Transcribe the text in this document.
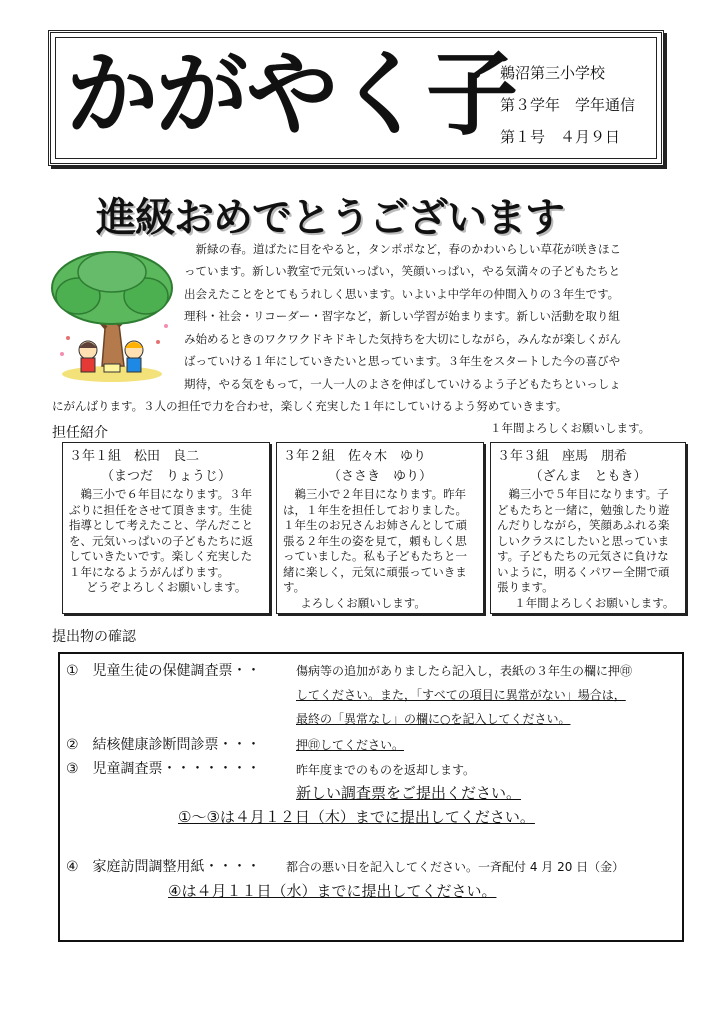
かがやく子
鵜沼第三小学校
第３学年　学年通信
第１号　４月９日
進級おめでとうございます
　新緑の春。道ばたに目をやると，タンポポなど，春のかわいらしい草花が咲きほこ
っています。新しい教室で元気いっぱい，笑顔いっぱい，やる気満々の子どもたちと
出会えたことをとてもうれしく思います。いよいよ中学年の仲間入りの３年生です。
理科・社会・リコーダー・習字など，新しい学習が始まります。新しい活動を取り組
み始めるときのワクワクドキドキした気持ちを大切にしながら，みんなが楽しくがん
ばっていける１年にしていきたいと思っています。３年生をスタートした今の喜びや
期待，やる気をもって，一人一人のよさを伸ばしていけるよう子どもたちといっしょ
にがんばります。３人の担任で力を合わせ，楽しく充実した１年にしていけるよう努めていきます。
１年間よろしくお願いします。
担任紹介
３年１組　松田　良二
（まつだ　りょうじ）
鵜三小で６年目になります。３年ぶりに担任をさせて頂きます。生徒指導として考えたこと、学んだことを、元気いっぱいの子どもたちに返していきたいです。楽しく充実した１年になるようがんばります。
どうぞよろしくお願いします。
３年２組　佐々木　ゆり
（ささき　ゆり）
鵜三小で２年目になります。昨年は，１年生を担任しておりました。１年生のお兄さんお姉さんとして頑張る２年生の姿を見て，頼もしく思っていました。私も子どもたちと一緒に楽しく，元気に頑張っていきます。
よろしくお願いします。
３年３組　座馬　朋希
（ざんま　ともき）
鵜三小で５年目になります。子どもたちと一緒に，勉強したり遊んだりしながら，笑顔あふれる楽しいクラスにしたいと思っています。子どもたちの元気さに負けないように，明るくパワー全開で頑張ります。
１年間よろしくお願いします。
提出物の確認
①　児童生徒の保健調査票・・	傷病等の追加がありましたら記入し，表紙の３年生の欄に押㊞
してください。また，「すべての項目に異常がない」場合は，
最終の「異常なし」の欄に○を記入してください。
②　結核健康診断問診票・・・	押㊞してください。
③　児童調査票・・・・・・・	昨年度までのものを返却します。
新しい調査票をご提出ください。
①～③は４月１２日（木）までに提出してください。
④　家庭訪問調整用紙・・・・ 都合の悪い日を記入してください。一斉配付 4 月 20 日（金）
④は４月１１日（水）までに提出してください。
